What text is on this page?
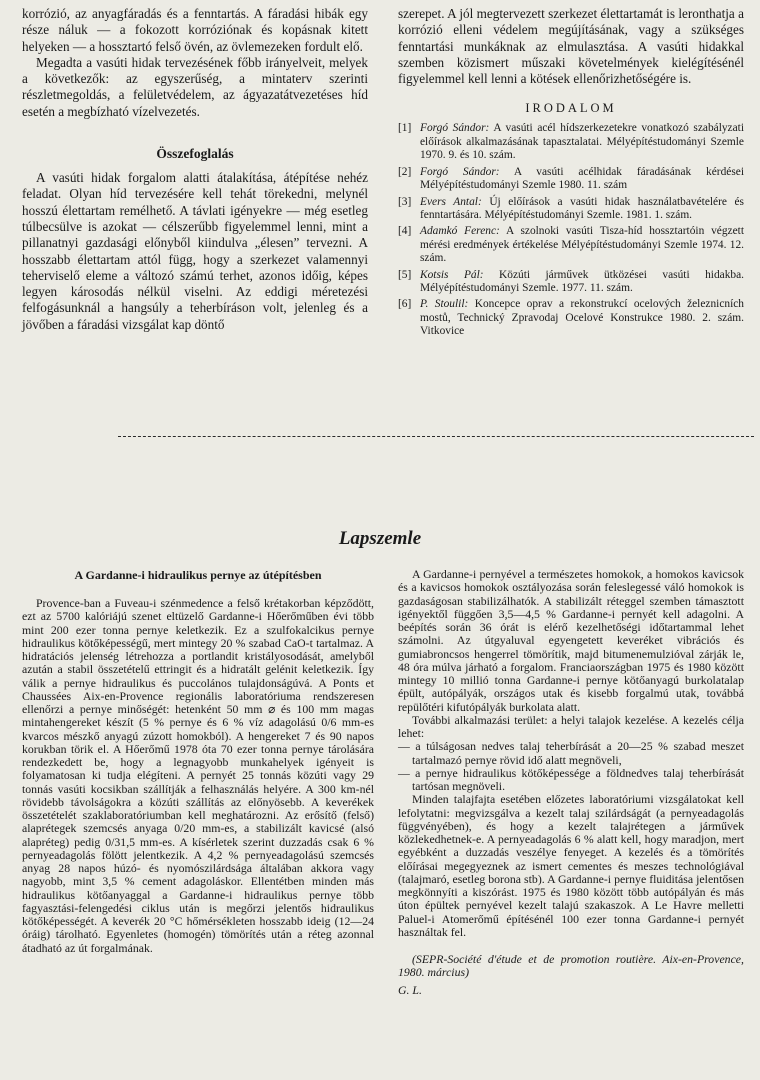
korrózió, az anyagfáradás és a fenntartás. A fáradási hibák egy része náluk — a fokozott korróziónak és kopásnak kitett helyeken — a hossztartó felső övén, az övlemezeken fordult elő.

Megadta a vasúti hidak tervezésének főbb irányelveit, melyek a következők: az egyszerűség, a mintaterv szerinti részletmegoldás, a felületvédelem, az ágyazatátvezetéses híd esetén a megbízható vízelvezetés.

Összefoglalás

A vasúti hidak forgalom alatti átalakítása, átépítése nehéz feladat. Olyan híd tervezésére kell tehát törekedni, melynél hosszú élettartam remélhető. A távlati igényekre — még esetleg túlbecsülve is azokat — célszerűbb figyelemmel lenni, mint a pillanatnyi gazdasági előnyből kiindulva „élesen” tervezni. A hosszabb élettartam attól függ, hogy a szerkezet valamennyi teherviselő eleme a változó számú terhet, azonos időig, képes legyen károsodás nélkül viselni. Az eddigi méretezési felfogásunknál a hangsúly a teherbíráson volt, jelenleg és a jövőben a fáradási vizsgálat kap döntő

szerepet. A jól megtervezett szerkezet élettartamát is leronthatja a korrózió elleni védelem megújításának, vagy a szükséges fenntartási munkáknak az elmulasztása. A vasúti hidakkal szemben közismert műszaki követelmények kielégítésénél figyelemmel kell lenni a kötések ellenőrizhetőségére is.

IRODALOM
[1] Forgó Sándor: A vasúti acél hídszerkezetekre vonatkozó szabályzati előírások alkalmazásának tapasztalatai. Mélyépítéstudományi Szemle 1970. 9. és 10. szám.
[2] Forgó Sándor: A vasúti acélhidak fáradásának kérdései Mélyépítéstudományi Szemle 1980. 11. szám
[3] Evers Antal: Új előírások a vasúti hidak használatbavételére és fenntartására. Mélyépítéstudományi Szemle. 1981. 1. szám.
[4] Adamkó Ferenc: A szolnoki vasúti Tisza-híd hossztartóin végzett mérési eredmények értékelése Mélyépítéstudományi Szemle 1974. 12. szám.
[5] Kotsis Pál: Közúti járművek ütközései vasúti hidakba. Mélyépítéstudományi Szemle. 1977. 11. szám.
[6] P. Stoulil: Koncepce oprav a rekonstrukcí ocelových železnicních mostů, Technický Zpravodaj Ocelové Konstrukce 1980. 2. szám. Vitkovice
Lapszemle
A Gardanne-i hidraulikus pernye az útépítésben

Provence-ban a Fuveau-i szénmedence a felső krétakorban képződött, ezt az 5700 kalóriájú szenet eltüzelő Gardanne-i Hőerőműben évi több mint 200 ezer tonna pernye keletkezik. Ez a szulfokalcikus pernye hidraulikus kötőképességű, mert mintegy 20 % szabad CaO-t tartalmaz. A hidratációs jelenség létrehozza a portlandit kristályosodását, amelyből azután a stabil összetételű ettringit és a hidratált gelénit keletkezik. Így válik a pernye hidraulikus és puccolános tulajdonságúvá. A Ponts et Chaussées Aix-en-Provence regionális laboratóriuma rendszeresen ellenőrzi a pernye minőségét: hetenként 50 mm ⌀ és 100 mm magas mintahengereket készít (5 % pernye és 6 % víz adagolású 0/6 mm-es kvarcos mészkő anyagú zúzott homokból). A hengereket 7 és 90 napos korukban törik el. A Hőerőmű 1978 óta 70 ezer tonna pernye tárolására rendezkedett be, hogy a legnagyobb munkahelyek igényeit is folyamatosan ki tudja elégíteni. A pernyét 25 tonnás közúti vagy 29 tonnás vasúti kocsikban szállítják a felhasználás helyére. A 300 km-nél rövidebb távolságokra a közúti szállítás az előnyösebb. A keverékek összetételét szaklaboratóriumban kell meghatározni. Az erősítő (felső) alaprétegek szemcsés anyaga 0/20 mm-es, a stabilizált kavicsé (alsó alapréteg) pedig 0/31,5 mm-es. A kísérletek szerint duzzadás csak 6 % pernyeadagolás fölött jelentkezik. A 4,2 % pernyeadagolású szemcsés anyag 28 napos húzó- és nyomószilárdsága általában akkora vagy nagyobb, mint 3,5 % cement adagoláskor. Ellentétben minden más hidraulikus kötőanyaggal a Gardanne-i hidraulikus pernye több fagyasztási-felengedési ciklus után is megőrzi jelentős hidraulikus kötőképességét. A keverék 20 °C hőmérsékleten hosszabb ideig (12—24 óráig) tárolható. Egyenletes (homogén) tömörítés után a réteg azonnal átadható az út forgalmának.

A Gardanne-i pernyével a természetes homokok, a homokos kavicsok és a kavicsos homokok osztályozása során feleslegessé váló homokok is gazdaságosan stabilizálhatók. A stabilizált réteggel szemben támasztott igényektől függően 3,5—4,5 % Gardanne-i pernyét kell adagolni. A beépítés során 36 órát is elérő kezelhetőségi időtartammal lehet számolni. Az útgyaluval egyengetett keveréket vibrációs és gumiabroncsos hengerrel tömörítik, majd bitumenemulzióval zárják le, 48 óra múlva járható a forgalom. Franciaországban 1975 és 1980 között mintegy 10 millió tonna Gardanne-i pernye kötőanyagú burkolatalap épült, autópályák, országos utak és kisebb forgalmú utak, továbbá repülőtéri kifutópályák burkolata alatt.

További alkalmazási terület: a helyi talajok kezelése. A kezelés célja lehet:

— a túlságosan nedves talaj teherbírását a 20—25 % szabad meszet tartalmazó pernye rövid idő alatt megnöveli,
— a pernye hidraulikus kötőképessége a földnedves talaj teherbírását tartósan megnöveli.

Minden talajfajta esetében előzetes laboratóriumi vizsgálatokat kell lefolytatni: megvizsgálva a kezelt talaj szilárdságát (a pernyeadagolás függvényében), és hogy a kezelt talajrétegen a járművek közlekedhetnek-e. A pernyeadagolás 6 % alatt kell, hogy maradjon, mert egyébként a duzzadás veszélye fenyeget. A kezelés és a tömörítés előírásai megegyeznek az ismert cementes és meszes technológiával (talajmaró, esetleg borona stb). A Gardanne-i pernye fluiditása jelentősen megkönnyíti a kiszórást. 1975 és 1980 között több autópályán és más úton épültek pernyével kezelt talajú szakaszok. A Le Havre melletti Paluel-i Atomerőmű építésénél 100 ezer tonna Gardanne-i pernyét használtak fel.

(SEPR-Société d'étude et de promotion routière. Aix-en-Provence, 1980. március)

G. L.
